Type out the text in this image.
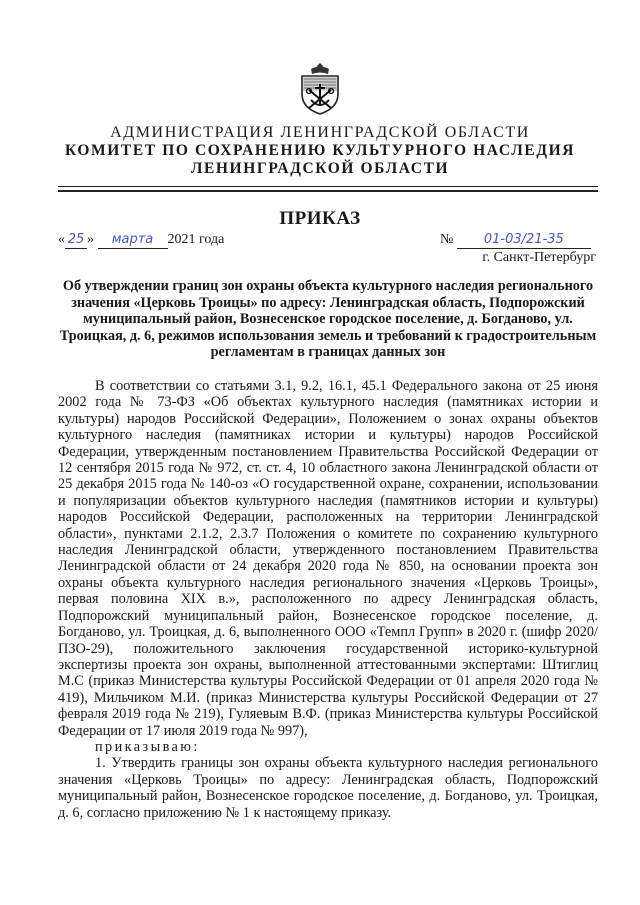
АДМИНИСТРАЦИЯ ЛЕНИНГРАДСКОЙ ОБЛАСТИ
КОМИТЕТ ПО СОХРАНЕНИЮ КУЛЬТУРНОГО НАСЛЕДИЯ
ЛЕНИНГРАДСКОЙ ОБЛАСТИ
ПРИКАЗ
« 25 » марта 2021 года	№ 01-03/21-35
г. Санкт-Петербург
Об утверждении границ зон охраны объекта культурного наследия регионального значения «Церковь Троицы» по адресу: Ленинградская область, Подпорожский муниципальный район, Вознесенское городское поселение, д. Богданово, ул. Троицкая, д. 6, режимов использования земель и требований к градостроительным регламентам в границах данных зон

В соответствии со статьями 3.1, 9.2, 16.1, 45.1 Федерального закона от 25 июня 2002 года № 73-ФЗ «Об объектах культурного наследия (памятниках истории и культуры) народов Российской Федерации», Положением о зонах охраны объектов культурного наследия (памятниках истории и культуры) народов Российской Федерации, утвержденным постановлением Правительства Российской Федерации от 12 сентября 2015 года № 972, ст. ст. 4, 10 областного закона Ленинградской области от 25 декабря 2015 года № 140-оз «О государственной охране, сохранении, использовании и популяризации объектов культурного наследия (памятников истории и культуры) народов Российской Федерации, расположенных на территории Ленинградской области», пунктами 2.1.2, 2.3.7 Положения о комитете по сохранению культурного наследия Ленинградской области, утвержденного постановлением Правительства Ленинградской области от 24 декабря 2020 года № 850, на основании проекта зон охраны объекта культурного наследия регионального значения «Церковь Троицы», первая половина XIX в.», расположенного по адресу Ленинградская область, Подпорожский муниципальный район, Вознесенское городское поселение, д. Богданово, ул. Троицкая, д. 6, выполненного ООО «Темпл Групп» в 2020 г. (шифр 2020/ПЗО-29), положительного заключения государственной историко-культурной экспертизы проекта зон охраны, выполненной аттестованными экспертами: Штиглиц М.С (приказ Министерства культуры Российской Федерации от 01 апреля 2020 года № 419), Мильчиком М.И. (приказ Министерства культуры Российской Федерации от 27 февраля 2019 года № 219), Гуляевым В.Ф. (приказ Министерства культуры Российской Федерации от 17 июля 2019 года № 997),

приказываю:

1. Утвердить границы зон охраны объекта культурного наследия регионального значения «Церковь Троицы» по адресу: Ленинградская область, Подпорожский муниципальный район, Вознесенское городское поселение, д. Богданово, ул. Троицкая, д. 6, согласно приложению № 1 к настоящему приказу.
